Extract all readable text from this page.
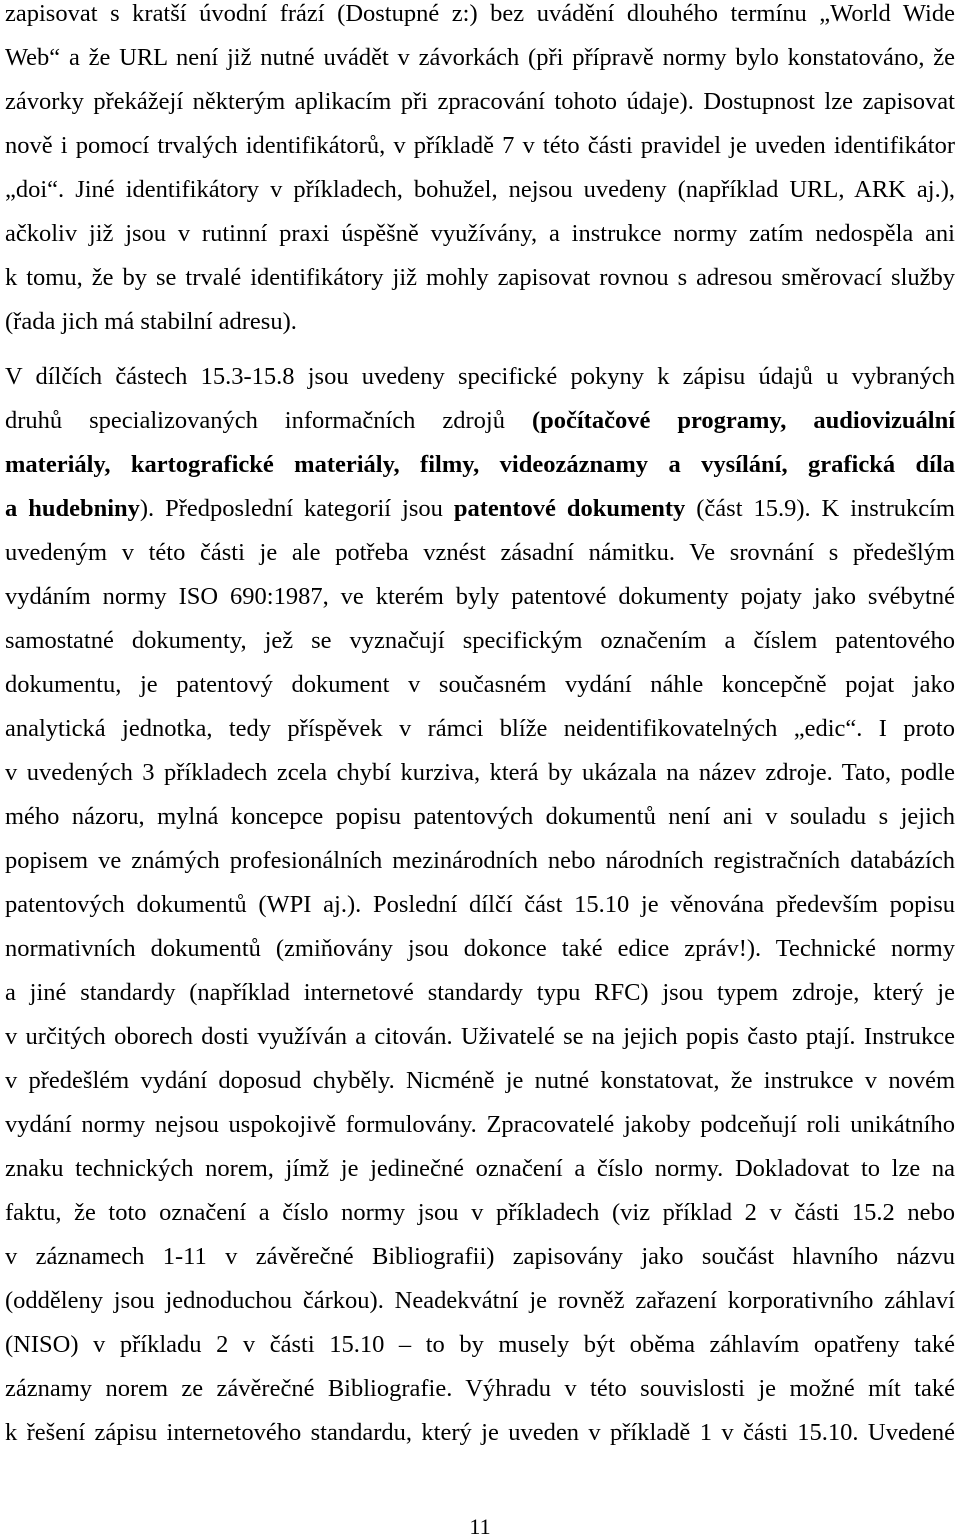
zapisovat s kratší úvodní frází (Dostupné z:) bez uvádění dlouhého termínu „World Wide
Web“ a že URL není již nutné uvádět v závorkách (při přípravě normy bylo konstatováno, že
závorky překážejí některým aplikacím při zpracování tohoto údaje). Dostupnost lze zapisovat
nově i pomocí trvalých identifikátorů, v příkladě 7 v této části pravidel je uveden identifikátor
„doi“. Jiné identifikátory v příkladech, bohužel, nejsou uvedeny (například URL, ARK aj.),
ačkoliv již jsou v rutinní praxi úspěšně využívány, a instrukce normy zatím nedospěla ani
k tomu, že by se trvalé identifikátory již mohly zapisovat rovnou s adresou směrovací služby
(řada jich má stabilní adresu).
V dílčích částech 15.3-15.8 jsou uvedeny specifické pokyny k zápisu údajů u vybraných
druhů specializovaných informačních zdrojů (počítačové programy, audiovizuální
materiály, kartografické materiály, filmy, videozáznamy a vysílání, grafická díla
a hudebniny). Předposlední kategorií jsou patentové dokumenty (část 15.9). K instrukcím
uvedeným v této části je ale potřeba vznést zásadní námitku. Ve srovnání s předešlým
vydáním normy ISO 690:1987, ve kterém byly patentové dokumenty pojaty jako svébytné
samostatné dokumenty, jež se vyznačují specifickým označením a číslem patentového
dokumentu, je patentový dokument v současném vydání náhle koncepčně pojat jako
analytická jednotka, tedy příspěvek v rámci blíže neidentifikovatelných „edic“. I proto
v uvedených 3 příkladech zcela chybí kurziva, která by ukázala na název zdroje. Tato, podle
mého názoru, mylná koncepce popisu patentových dokumentů není ani v souladu s jejich
popisem ve známých profesionálních mezinárodních nebo národních registračních databázích
patentových dokumentů (WPI aj.). Poslední dílčí část 15.10 je věnována především popisu
normativních dokumentů (zmiňovány jsou dokonce také edice zpráv!). Technické normy
a jiné standardy (například internetové standardy typu RFC) jsou typem zdroje, který je
v určitých oborech dosti využíván a citován. Uživatelé se na jejich popis často ptají. Instrukce
v předešlém vydání doposud chyběly. Nicméně je nutné konstatovat, že instrukce v novém
vydání normy nejsou uspokojivě formulovány. Zpracovatelé jakoby podceňují roli unikátního
znaku technických norem, jímž je jedinečné označení a číslo normy. Dokladovat to lze na
faktu, že toto označení a číslo normy jsou v příkladech (viz příklad 2 v části 15.2 nebo
v záznamech 1-11 v závěrečné Bibliografii) zapisovány jako součást hlavního názvu
(odděleny jsou jednoduchou čárkou). Neadekvátní je rovněž zařazení korporativního záhlaví
(NISO) v příkladu 2 v části 15.10 – to by musely být oběma záhlavím opatřeny také
záznamy norem ze závěrečné Bibliografie. Výhradu v této souvislosti je možné mít také
k řešení zápisu internetového standardu, který je uveden v příkladě 1 v části 15.10. Uvedené
11
